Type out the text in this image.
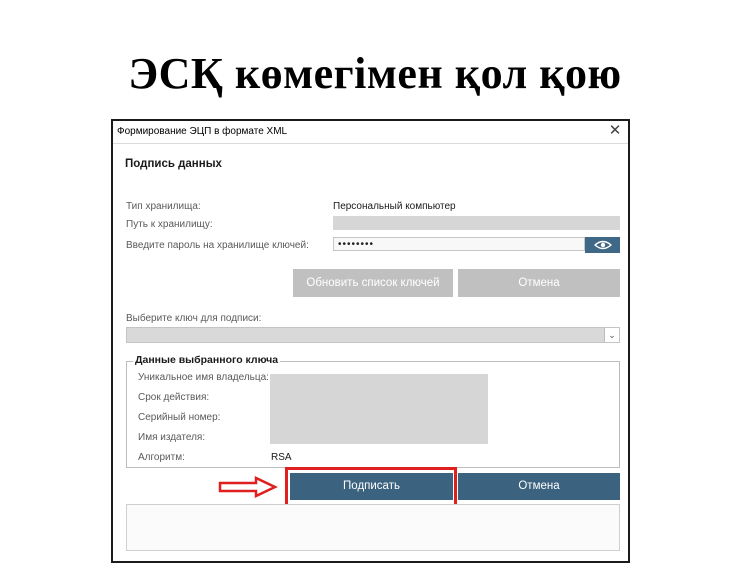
ЭСҚ көмегімен қол қою
Формирование ЭЦП в формате XML	✕
Подпись данных
Тип хранилища:	Персональный компьютер
Путь к хранилищу:
Введите пароль на хранилище ключей:	••••••••
Обновить список ключей	Отмена
Выберите ключ для подписи:
⌄
Данные выбранного ключа
Уникальное имя владельца:
Срок действия:
Серийный номер:
Имя издателя:
Алгоритм:	RSA
Подписать	Отмена
